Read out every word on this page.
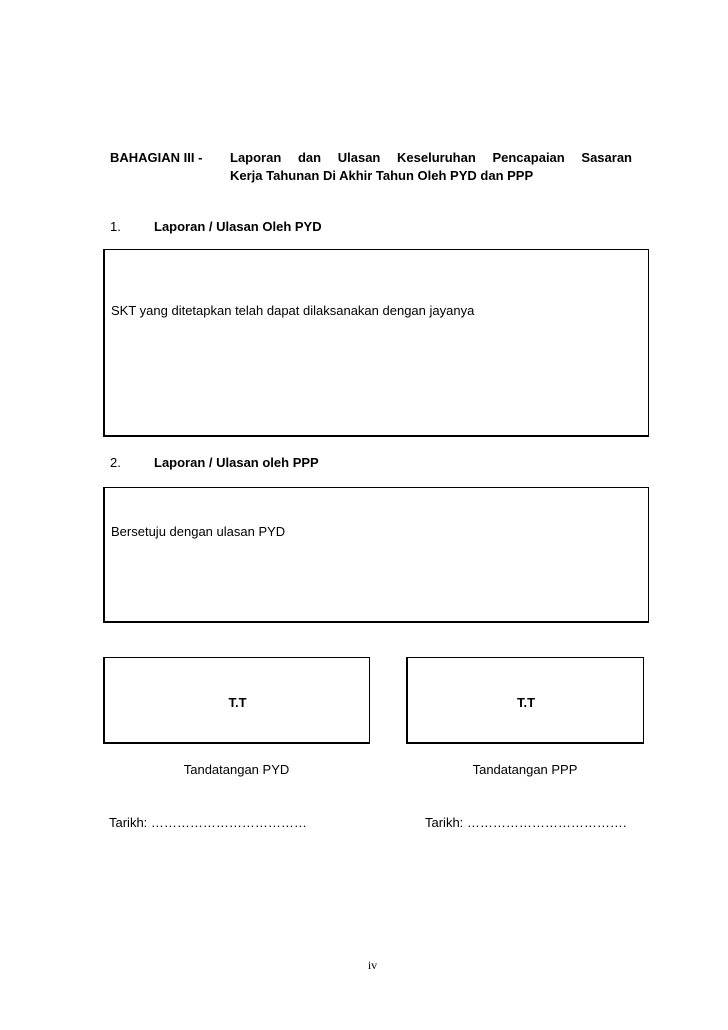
BAHAGIAN III - Laporan dan Ulasan Keseluruhan Pencapaian Sasaran
Kerja Tahunan Di Akhir Tahun Oleh PYD dan PPP
1.	Laporan / Ulasan Oleh PYD
SKT yang ditetapkan telah dapat dilaksanakan dengan jayanya
2.	Laporan / Ulasan oleh PPP
Bersetuju dengan ulasan PYD
T.T	T.T
Tandatangan PYD	Tandatangan PPP
Tarikh: ………………………………	Tarikh: ……………………………….
iv
